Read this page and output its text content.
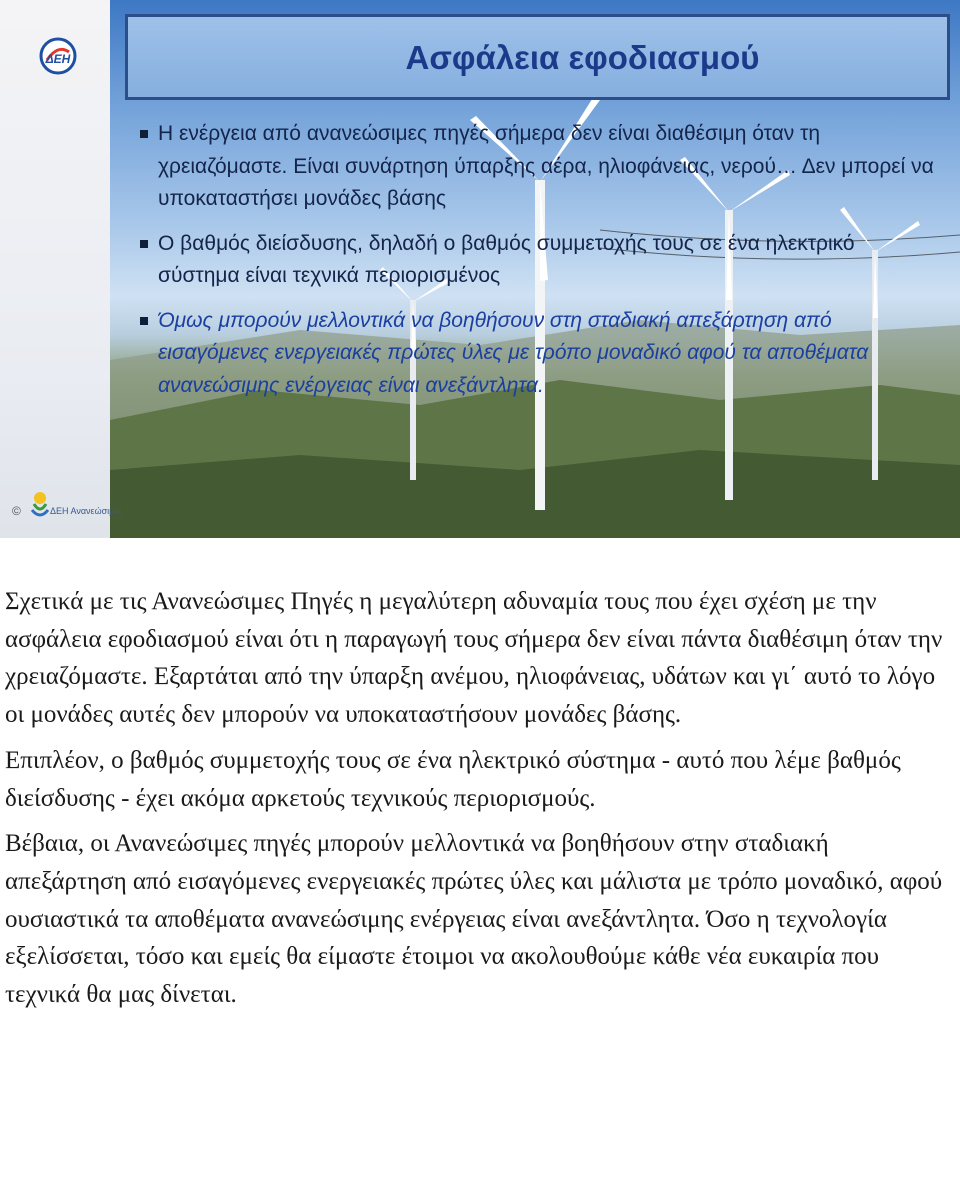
ΔΕΗ	Ασφάλεια εφοδιασμού
Η ενέργεια από ανανεώσιμες πηγές σήμερα δεν είναι διαθέσιμη όταν τη χρειαζόμαστε. Είναι συνάρτηση ύπαρξης αέρα, ηλιοφάνειας, νερού… Δεν μπορεί να υποκαταστήσει μονάδες βάσης
Ο βαθμός διείσδυσης, δηλαδή ο βαθμός συμμετοχής τους σε ένα ηλεκτρικό σύστημα είναι τεχνικά περιορισμένος
Όμως μπορούν μελλοντικά να βοηθήσουν στη σταδιακή απεξάρτηση από εισαγόμενες ενεργειακές πρώτες ύλες με τρόπο μοναδικό αφού τα αποθέματα ανανεώσιμης ενέργειας είναι ανεξάντλητα.
©	ΔΕΗ Ανανεώσιμες

Σχετικά με τις Ανανεώσιμες Πηγές η μεγαλύτερη αδυναμία τους που έχει σχέση με την ασφάλεια εφοδιασμού είναι ότι η παραγωγή τους σήμερα δεν είναι πάντα διαθέσιμη όταν την χρειαζόμαστε. Εξαρτάται από την ύπαρξη ανέμου, ηλιοφάνειας, υδάτων και γι΄ αυτό το λόγο οι μονάδες αυτές δεν μπορούν να υποκαταστήσουν μονάδες βάσης.

Επιπλέον, ο βαθμός συμμετοχής τους σε ένα ηλεκτρικό σύστημα - αυτό που λέμε βαθμός διείσδυσης - έχει ακόμα αρκετούς τεχνικούς περιορισμούς.

Βέβαια, οι Ανανεώσιμες πηγές μπορούν μελλοντικά να βοηθήσουν στην σταδιακή απεξάρτηση από εισαγόμενες ενεργειακές πρώτες ύλες και μάλιστα με τρόπο μοναδικό, αφού ουσιαστικά τα αποθέματα ανανεώσιμης ενέργειας είναι ανεξάντλητα. Όσο η τεχνολογία εξελίσσεται, τόσο και εμείς θα είμαστε έτοιμοι να ακολουθούμε κάθε νέα ευκαιρία που τεχνικά θα μας δίνεται.
